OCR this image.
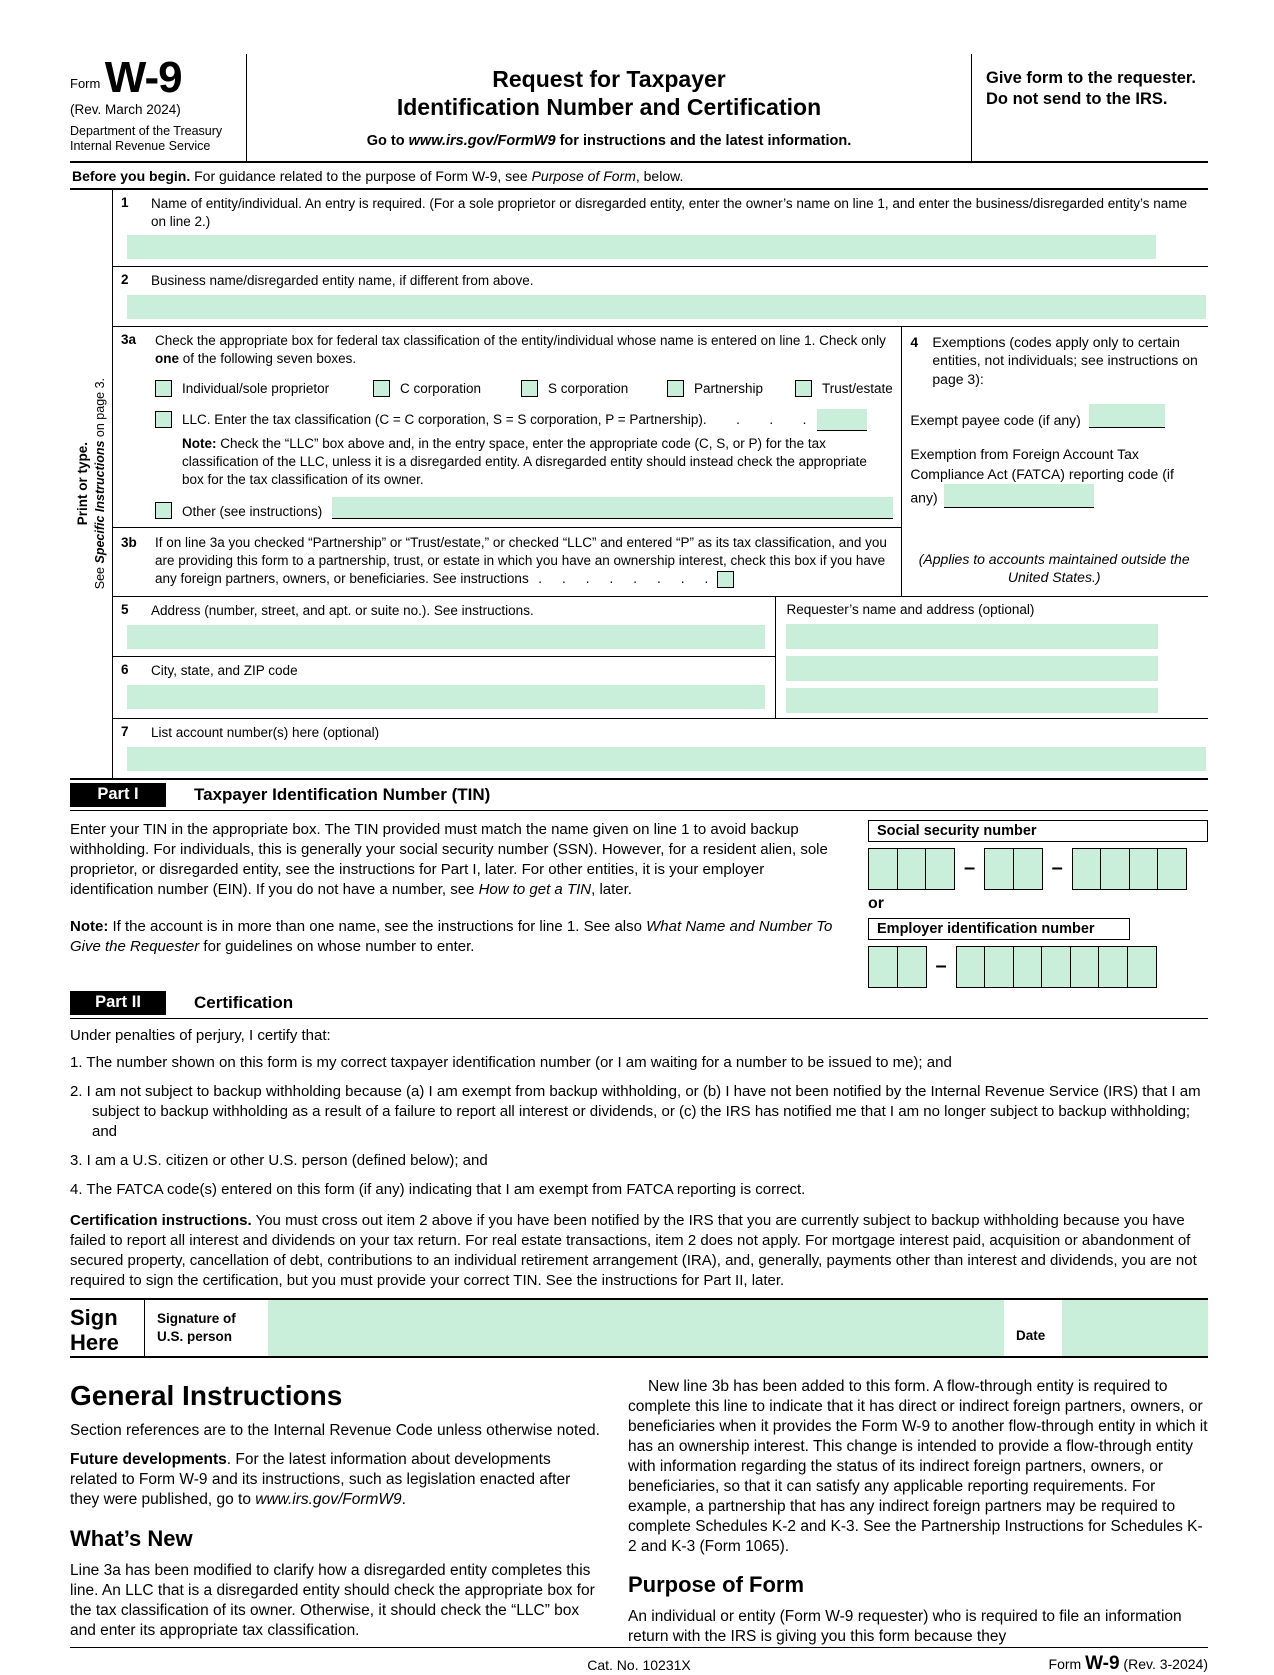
Form W-9
(Rev. March 2024)
Department of the Treasury
Internal Revenue Service
Request for Taxpayer
Identification Number and Certification
Go to www.irs.gov/FormW9 for instructions and the latest information.
Give form to the requester. Do not send to the IRS.
Before you begin. For guidance related to the purpose of Form W-9, see Purpose of Form, below.
Print or type.
See Specific Instructions on page 3.
1	Name of entity/individual. An entry is required. (For a sole proprietor or disregarded entity, enter the owner’s name on line 1, and enter the business/disregarded entity’s name on line 2.)
2	Business name/disregarded entity name, if different from above.
3a	Check the appropriate box for federal tax classification of the entity/individual whose name is entered on line 1. Check only one of the following seven boxes.
Individual/sole proprietor	C corporation	S corporation	Partnership	Trust/estate
LLC. Enter the tax classification (C = C corporation, S = S corporation, P = Partnership) .      .      .      .
Note: Check the “LLC” box above and, in the entry space, enter the appropriate code (C, S, or P) for the tax classification of the LLC, unless it is a disregarded entity. A disregarded entity should instead check the appropriate box for the tax classification of its owner.
Other (see instructions)
3b	If on line 3a you checked “Partnership” or “Trust/estate,” or checked “LLC” and entered “P” as its tax classification, and you are providing this form to a partnership, trust, or estate in which you have an ownership interest, check this box if you have any foreign partners, owners, or beneficiaries. See instructions  .    .    .    .    .    .    .    .
4	Exemptions (codes apply only to certain entities, not individuals; see instructions on page 3):
Exempt payee code (if any)
Exemption from Foreign Account Tax Compliance Act (FATCA) reporting code (if any)
(Applies to accounts maintained outside the United States.)
5	Address (number, street, and apt. or suite no.). See instructions.
6	City, state, and ZIP code
Requester’s name and address (optional)
7	List account number(s) here (optional)
Part I	Taxpayer Identification Number (TIN)

Enter your TIN in the appropriate box. The TIN provided must match the name given on line 1 to avoid backup withholding. For individuals, this is generally your social security number (SSN). However, for a resident alien, sole proprietor, or disregarded entity, see the instructions for Part I, later. For other entities, it is your employer identification number (EIN). If you do not have a number, see How to get a TIN, later.

Note: If the account is in more than one name, see the instructions for line 1. See also What Name and Number To Give the Requester for guidelines on whose number to enter.

Social security number
–	–
or
Employer identification number
–
Part II	Certification

Under penalties of perjury, I certify that:

1. The number shown on this form is my correct taxpayer identification number (or I am waiting for a number to be issued to me); and

2. I am not subject to backup withholding because (a) I am exempt from backup withholding, or (b) I have not been notified by the Internal Revenue Service (IRS) that I am subject to backup withholding as a result of a failure to report all interest or dividends, or (c) the IRS has notified me that I am no longer subject to backup withholding; and

3. I am a U.S. citizen or other U.S. person (defined below); and

4. The FATCA code(s) entered on this form (if any) indicating that I am exempt from FATCA reporting is correct.

Certification instructions. You must cross out item 2 above if you have been notified by the IRS that you are currently subject to backup withholding because you have failed to report all interest and dividends on your tax return. For real estate transactions, item 2 does not apply. For mortgage interest paid, acquisition or abandonment of secured property, cancellation of debt, contributions to an individual retirement arrangement (IRA), and, generally, payments other than interest and dividends, you are not required to sign the certification, but you must provide your correct TIN. See the instructions for Part II, later.

Sign
Here
Signature of
U.S. person	Date
General Instructions

Section references are to the Internal Revenue Code unless otherwise noted.

Future developments. For the latest information about developments related to Form W-9 and its instructions, such as legislation enacted after they were published, go to www.irs.gov/FormW9.

What’s New

Line 3a has been modified to clarify how a disregarded entity completes this line. An LLC that is a disregarded entity should check the appropriate box for the tax classification of its owner. Otherwise, it should check the “LLC” box and enter its appropriate tax classification.

New line 3b has been added to this form. A flow-through entity is required to complete this line to indicate that it has direct or indirect foreign partners, owners, or beneficiaries when it provides the Form W-9 to another flow-through entity in which it has an ownership interest. This change is intended to provide a flow-through entity with information regarding the status of its indirect foreign partners, owners, or beneficiaries, so that it can satisfy any applicable reporting requirements. For example, a partnership that has any indirect foreign partners may be required to complete Schedules K-2 and K-3. See the Partnership Instructions for Schedules K-2 and K-3 (Form 1065).

Purpose of Form

An individual or entity (Form W-9 requester) who is required to file an information return with the IRS is giving you this form because they

Cat. No. 10231X	Form W-9 (Rev. 3-2024)
